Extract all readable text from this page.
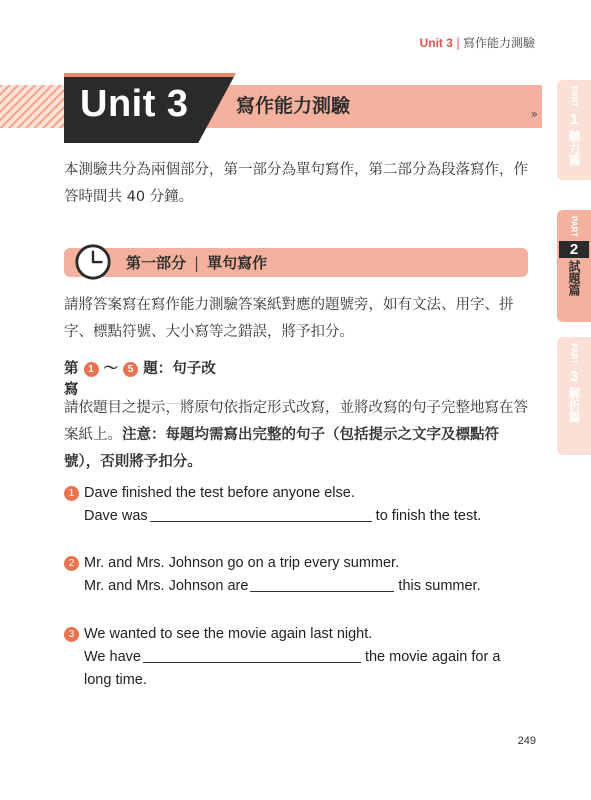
Unit 3 | 寫作能力測驗
Unit 3 寫作能力測驗	»
本測驗共分為兩個部分，第一部分為單句寫作，第二部分為段落寫作，作答時間共 40 分鐘。
第一部分 | 單句寫作
請將答案寫在寫作能力測驗答案紙對應的題號旁，如有文法、用字、拼字、標點符號、大小寫等之錯誤，將予扣分。
第 1 ～ 5 題：句子改寫
請依題目之提示，將原句依指定形式改寫，並將改寫的句子完整地寫在答案紙上。注意：每題均需寫出完整的句子（包括提示之文字及標點符號），否則將予扣分。
1 Dave finished the test before anyone else.
Dave was	to finish the test.
2 Mr. and Mrs. Johnson go on a trip every summer.
Mr. and Mrs. Johnson are	this summer.
3 We wanted to see the movie again last night.
We have	the movie again for a long time.
PART
1
聽力篇
PART
2
試題篇
PART
3
解析篇
249
